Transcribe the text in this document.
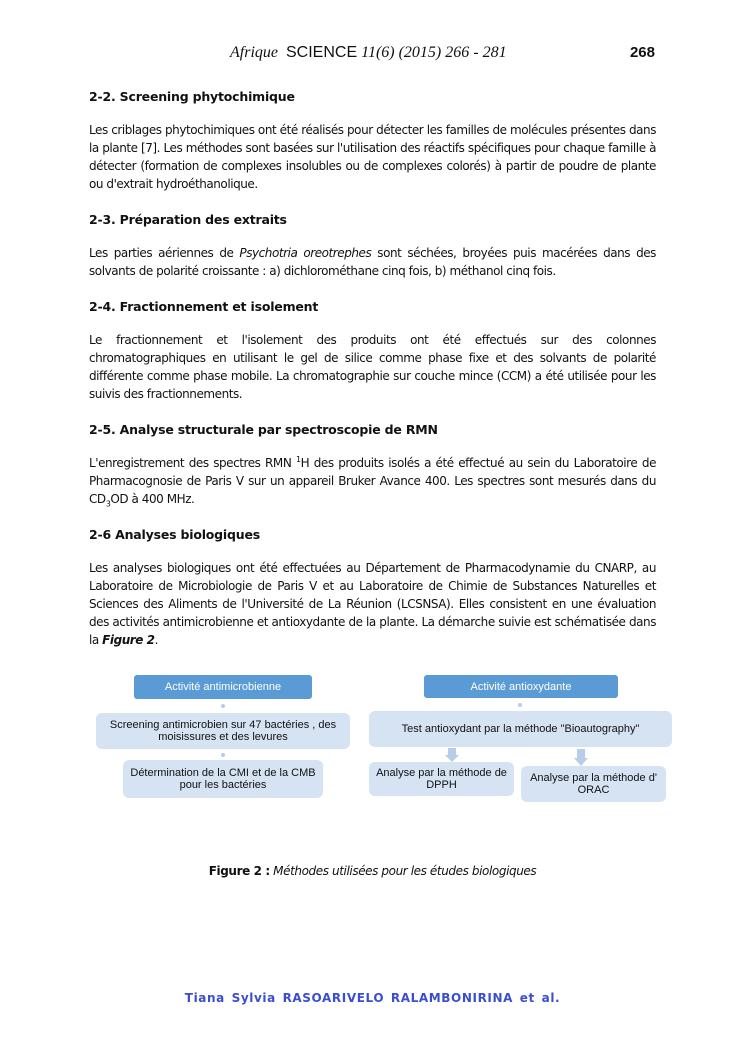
Afrique SCIENCE 11(6) (2015) 266 - 281	268
2-2. Screening phytochimique

Les criblages phytochimiques ont été réalisés pour détecter les familles de molécules présentes dans la plante [7]. Les méthodes sont basées sur l'utilisation des réactifs spécifiques pour chaque famille à détecter (formation de complexes insolubles ou de complexes colorés) à partir de poudre de plante ou d'extrait hydroéthanolique.

2-3. Préparation des extraits

Les parties aériennes de Psychotria oreotrephes sont séchées, broyées puis macérées dans des solvants de polarité croissante : a) dichlorométhane cinq fois, b) méthanol cinq fois.

2-4. Fractionnement et isolement

Le fractionnement et l'isolement des produits ont été effectués sur des colonnes chromatographiques en utilisant le gel de silice comme phase fixe et des solvants de polarité différente comme phase mobile. La chromatographie sur couche mince (CCM) a été utilisée pour les suivis des fractionnements.

2-5. Analyse structurale par spectroscopie de RMN

L'enregistrement des spectres RMN $^1$H des produits isolés a été effectué au sein du Laboratoire de Pharmacognosie de Paris V sur un appareil Bruker Avance 400. Les spectres sont mesurés dans du $CD_3OD$ à 400 MHz.

2-6 Analyses biologiques

Les analyses biologiques ont été effectuées au Département de Pharmacodynamie du CNARP, au Laboratoire de Microbiologie de Paris V et au Laboratoire de Chimie de Substances Naturelles et Sciences des Aliments de l'Université de La Réunion (LCSNSA). Elles consistent en une évaluation des activités antimicrobienne et antioxydante de la plante. La démarche suivie est schématisée dans la Figure 2.

Activité antimicrobienne
Screening antimicrobien sur 47 bactéries , des moisissures et des levures
Détermination de la CMI et de la CMB pour les bactéries
Activité antioxydante
Test antioxydant par la méthode "Bioautography"
Analyse par la méthode de DPPH
Analyse par la méthode d' ORAC
Figure 2 : Méthodes utilisées pour les études biologiques
Tiana Sylvia RASOARIVELO RALAMBONIRINA et al.
